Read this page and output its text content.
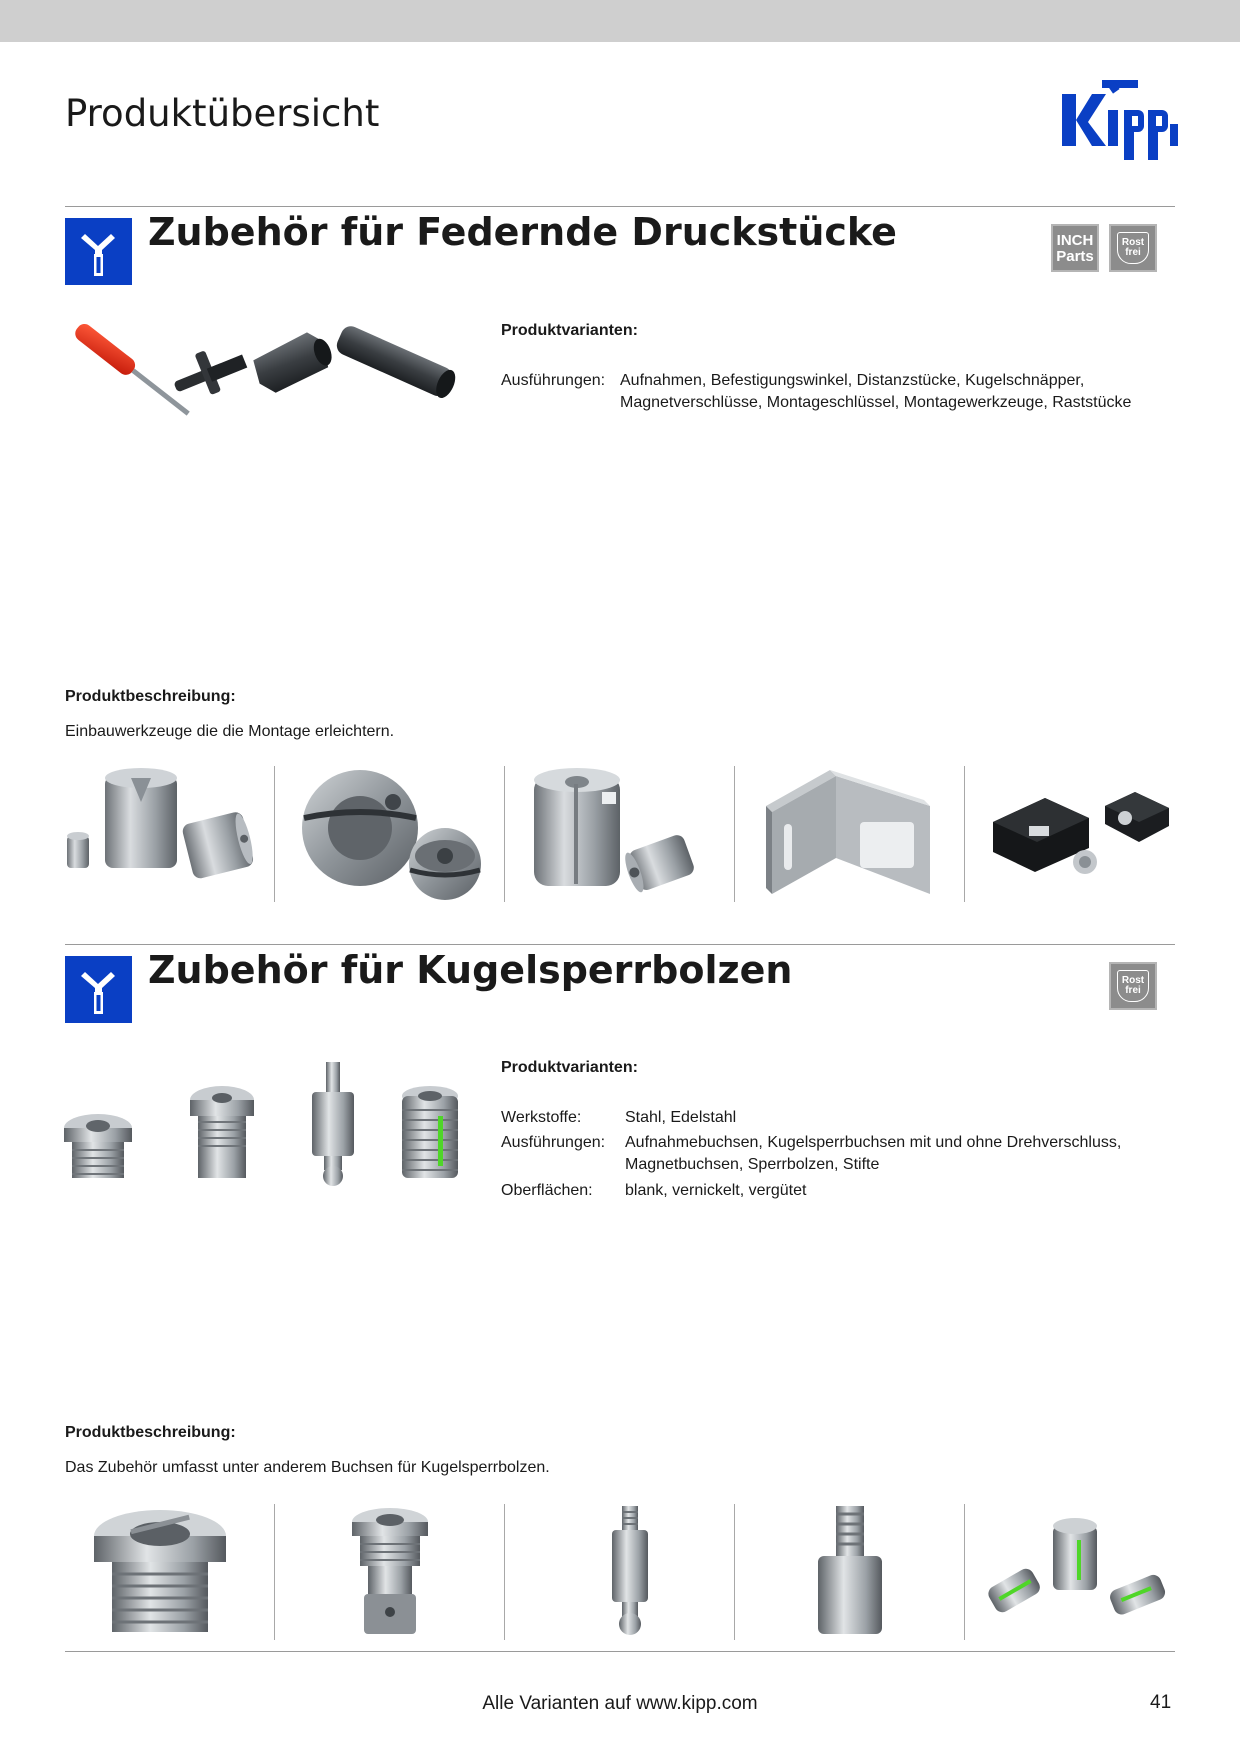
Produktübersicht
Zubehör für Federnde Druckstücke	INCH
Parts
Rost
frei
Produktvarianten:
Ausführungen: Aufnahmen, Befestigungswinkel, Distanzstücke, Kugelschnäpper,
Magnetverschlüsse, Montageschlüssel, Montagewerkzeuge, Raststücke
Produktbeschreibung:
Einbauwerkzeuge die die Montage erleichtern.
Zubehör für Kugelsperrbolzen	Rost
frei
Produktvarianten:
Werkstoffe:	Stahl, Edelstahl
Ausführungen: Aufnahmebuchsen, Kugelsperrbuchsen mit und ohne Drehverschluss,
Magnetbuchsen, Sperrbolzen, Stifte
Oberflächen: blank, vernickelt, vergütet
Produktbeschreibung:
Das Zubehör umfasst unter anderem Buchsen für Kugelsperrbolzen.
Alle Varianten auf www.kipp.com	41
